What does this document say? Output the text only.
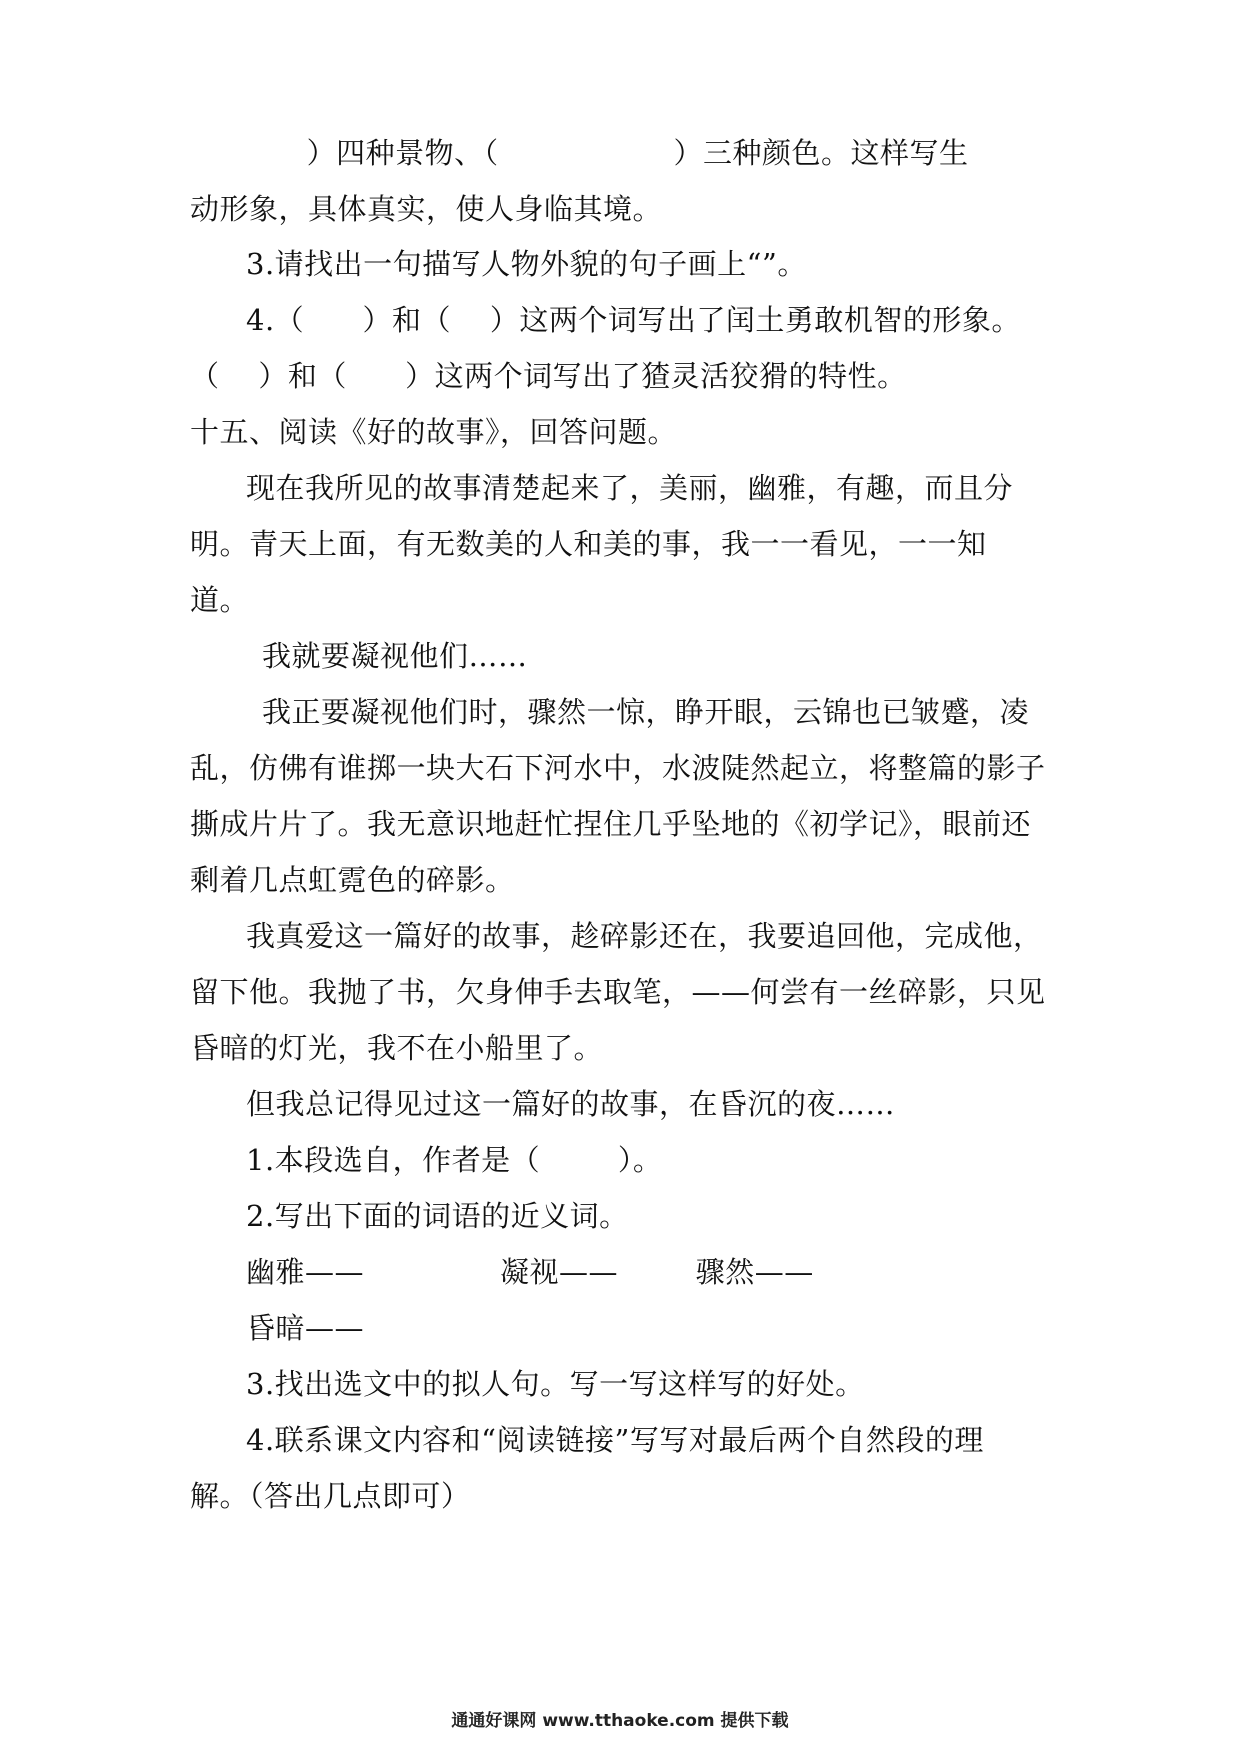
）四种景物、（                  ）三种颜色。这样写生
动形象，具体真实，使人身临其境。
3.请找出一句描写人物外貌的句子画上“”。
4.（      ）和（    ）这两个词写出了闰土勇敢机智的形象。
（    ）和（      ）这两个词写出了猹灵活狡猾的特性。
十五、阅读《好的故事》，回答问题。
现在我所见的故事清楚起来了，美丽，幽雅，有趣，而且分
明。青天上面，有无数美的人和美的事，我一一看见，一一知
道。
我就要凝视他们……
我正要凝视他们时，骤然一惊，睁开眼，云锦也已皱蹙，凌
乱，仿佛有谁掷一块大石下河水中，水波陡然起立，将整篇的影子
撕成片片了。我无意识地赶忙捏住几乎坠地的《初学记》，眼前还
剩着几点虹霓色的碎影。
我真爱这一篇好的故事，趁碎影还在，我要追回他，完成他，
留下他。我抛了书，欠身伸手去取笔，——何尝有一丝碎影，只见
昏暗的灯光，我不在小船里了。
但我总记得见过这一篇好的故事，在昏沉的夜……
1.本段选自，作者是（        ）。
2.写出下面的词语的近义词。
幽雅——              凝视——        骤然——
昏暗——
3.找出选文中的拟人句。写一写这样写的好处。
4.联系课文内容和“阅读链接”写写对最后两个自然段的理
解。（答出几点即可）
通通好课网 www.tthaoke.com 提供下载
